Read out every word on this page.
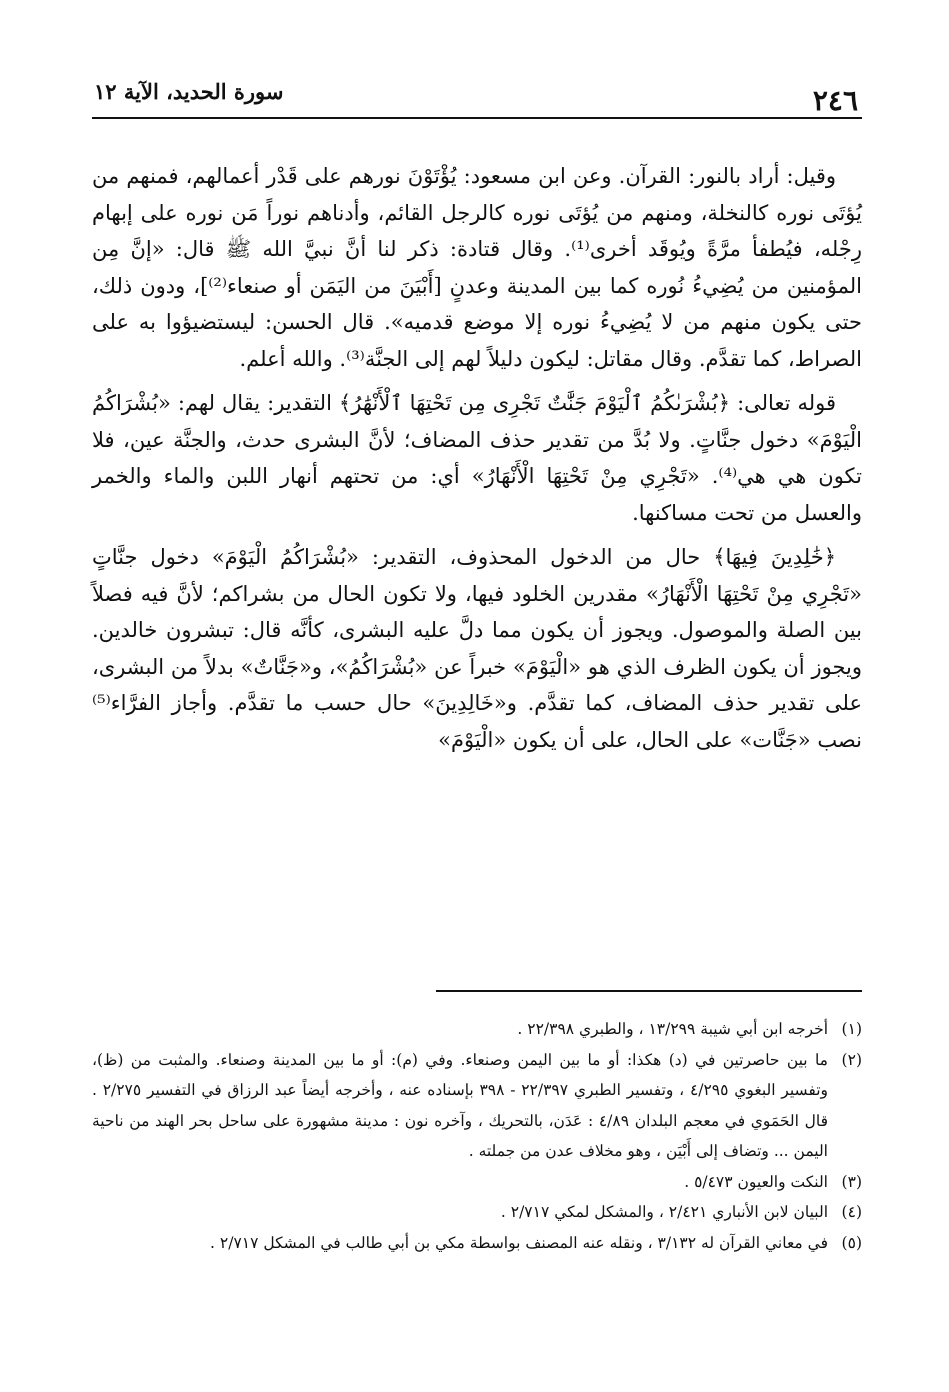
٢٤٦
سورة الحديد، الآية ١٢

وقيل: أراد بالنور: القرآن. وعن ابن مسعود: يُؤْتَوْنَ نورهم على قَدْر أعمالهم، فمنهم من يُؤتَى نوره كالنخلة، ومنهم من يُؤتَى نوره كالرجل القائم، وأدناهم نوراً مَن نوره على إبهام رِجْله، فيُطفأ مرَّةً ويُوقَد أخرى⁽¹⁾. وقال قتادة: ذكر لنا أنَّ نبيَّ الله ﷺ قال: «إنَّ مِن المؤمنين من يُضِيءُ نُوره كما بين المدينة وعدنٍ [أَبْيَنَ من اليَمَن أو صنعاء⁽²⁾]، ودون ذلك، حتى يكون منهم من لا يُضِيءُ نوره إلا موضع قدميه». قال الحسن: ليستضيؤوا به على الصراط، كما تقدَّم. وقال مقاتل: ليكون دليلاً لهم إلى الجنَّة⁽³⁾. والله أعلم.

قوله تعالى: ﴿بُشْرَىٰكُمُ ٱلْيَوْمَ جَنَّٰتٌ تَجْرِى مِن تَحْتِهَا ٱلْأَنْهَٰرُ﴾ التقدير: يقال لهم: «بُشْرَاكُمُ الْيَوْمَ» دخول جنَّاتٍ. ولا بُدَّ من تقدير حذف المضاف؛ لأنَّ البشرى حدث، والجنَّة عين، فلا تكون هي هي⁽⁴⁾. «تَجْرِي مِنْ تَحْتِهَا الْأَنْهَارُ» أي: من تحتهم أنهار اللبن والماء والخمر والعسل من تحت مساكنها.

﴿خَٰلِدِينَ فِيهَا﴾ حال من الدخول المحذوف، التقدير: «بُشْرَاكُمُ الْيَوْمَ» دخول جنَّاتٍ «تَجْرِي مِنْ تَحْتِهَا الْأَنْهَارُ» مقدرين الخلود فيها، ولا تكون الحال من بشراكم؛ لأنَّ فيه فصلاً بين الصلة والموصول. ويجوز أن يكون مما دلَّ عليه البشرى، كأنَّه قال: تبشرون خالدين. ويجوز أن يكون الظرف الذي هو «الْيَوْمَ» خبراً عن «بُشْرَاكُمُ»، و«جَنَّاتٌ» بدلاً من البشرى، على تقدير حذف المضاف، كما تقدَّم. و«خَالِدِينَ» حال حسب ما تقدَّم. وأجاز الفرَّاء⁽⁵⁾ نصب «جَنَّات» على الحال، على أن يكون «الْيَوْمَ»

(١)أخرجه ابن أبي شيبة ١٣/٢٩٩ ، والطبري ٢٢/٣٩٨ .

(٢)ما بين حاصرتين في (د) هكذا: أو ما بين اليمن وصنعاء. وفي (م): أو ما بين المدينة وصنعاء. والمثبت من (ظ)، وتفسير البغوي ٤/٢٩٥ ، وتفسير الطبري ٢٢/٣٩٧ - ٣٩٨ بإسناده عنه ، وأخرجه أيضاً عبد الرزاق في التفسير ٢/٢٧٥ . قال الحَمَوي في معجم البلدان ٤/٨٩ : عَدَن، بالتحريك ، وآخره نون : مدينة مشهورة على ساحل بحر الهند من ناحية اليمن ... وتضاف إلى أَبْيَن ، وهو مخلاف عدن من جملته .

(٣)النكت والعيون ٥/٤٧٣ .

(٤)البيان لابن الأنباري ٢/٤٢١ ، والمشكل لمكي ٢/٧١٧ .

(٥)في معاني القرآن له ٣/١٣٢ ، ونقله عنه المصنف بواسطة مكي بن أبي طالب في المشكل ٢/٧١٧ .
